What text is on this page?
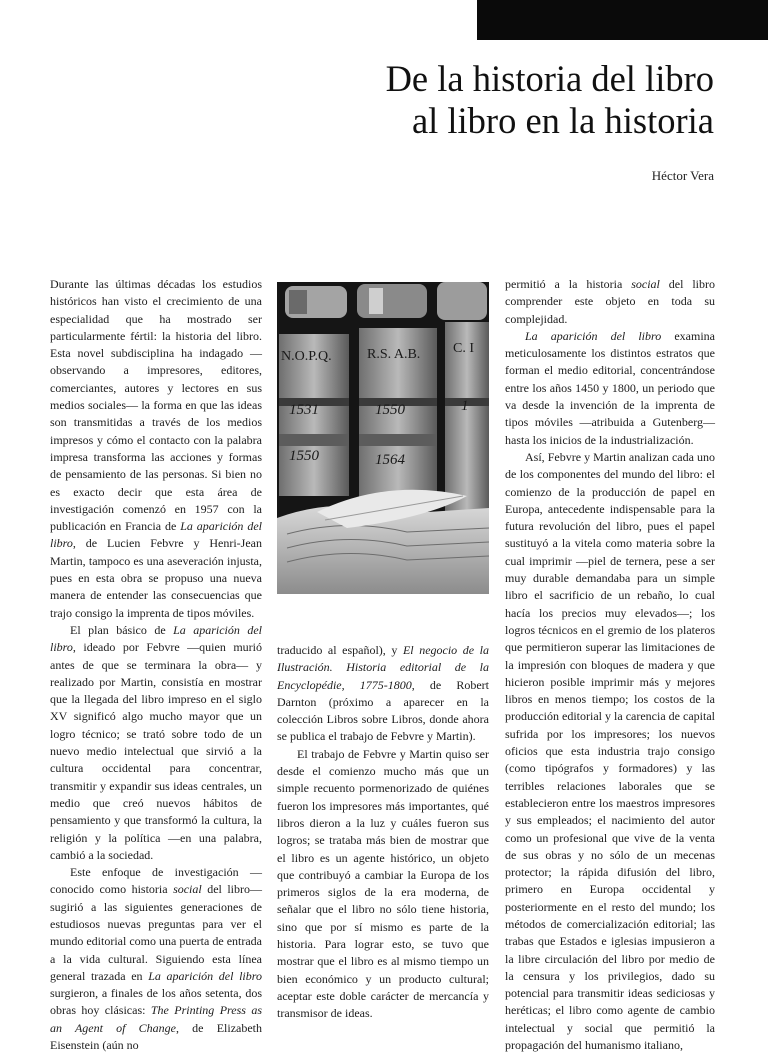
De la historia del libro
al libro en la historia
Héctor Vera

Durante las últimas décadas los estudios históricos han visto el crecimiento de una especialidad que ha mostrado ser particularmente fértil: la historia del libro. Esta novel subdisciplina ha indagado —observando a impresores, editores, comerciantes, autores y lectores en sus medios sociales— la forma en que las ideas son transmitidas a través de los medios impresos y cómo el contacto con la palabra impresa transforma las acciones y formas de pensamiento de las personas. Si bien no es exacto decir que esta área de investigación comenzó en 1957 con la publicación en Francia de La aparición del libro, de Lucien Febvre y Henri-Jean Martin, tampoco es una aseveración injusta, pues en esta obra se propuso una nueva manera de entender las consecuencias que trajo consigo la imprenta de tipos móviles.

El plan básico de La aparición del libro, ideado por Febvre —quien murió antes de que se terminara la obra— y realizado por Martin, consistía en mostrar que la llegada del libro impreso en el siglo XV significó algo mucho mayor que un logro técnico; se trató sobre todo de un nuevo medio intelectual que sirvió a la cultura occidental para concentrar, transmitir y expandir sus ideas centrales, un medio que creó nuevos hábitos de pensamiento y que transformó la cultura, la religión y la política —en una palabra, cambió a la sociedad.

Este enfoque de investigación —conocido como historia social del libro— sugirió a las siguientes generaciones de estudiosos nuevas preguntas para ver el mundo editorial como una puerta de entrada a la vida cultural. Siguiendo esta línea general trazada en La aparición del libro surgieron, a finales de los años setenta, dos obras hoy clásicas: The Printing Press as an Agent of Change, de Elizabeth Eisenstein (aún no

N.O.P.Q.	R.S. A.B. C. I
1531	1550	1
1550	1564

traducido al español), y El negocio de la Ilustración. Historia editorial de la Encyclopédie, 1775-1800, de Robert Darnton (próximo a aparecer en la colección Libros sobre Libros, donde ahora se publica el trabajo de Febvre y Martin).

El trabajo de Febvre y Martin quiso ser desde el comienzo mucho más que un simple recuento pormenorizado de quiénes fueron los impresores más importantes, qué libros dieron a la luz y cuáles fueron sus logros; se trataba más bien de mostrar que el libro es un agente histórico, un objeto que contribuyó a cambiar la Europa de los primeros siglos de la era moderna, de señalar que el libro no sólo tiene historia, sino que por sí mismo es parte de la historia. Para lograr esto, se tuvo que mostrar que el libro es al mismo tiempo un bien económico y un producto cultural; aceptar este doble carácter de mercancía y transmisor de ideas.

permitió a la historia social del libro comprender este objeto en toda su complejidad.

La aparición del libro examina meticulosamente los distintos estratos que forman el medio editorial, concentrándose entre los años 1450 y 1800, un periodo que va desde la invención de la imprenta de tipos móviles —atribuida a Gutenberg— hasta los inicios de la industrialización.

Así, Febvre y Martin analizan cada uno de los componentes del mundo del libro: el comienzo de la producción de papel en Europa, antecedente indispensable para la futura revolución del libro, pues el papel sustituyó a la vitela como materia sobre la cual imprimir —piel de ternera, pese a ser muy durable demandaba para un simple libro el sacrificio de un rebaño, lo cual hacía los precios muy elevados—; los logros técnicos en el gremio de los plateros que permitieron superar las limitaciones de la impresión con bloques de madera y que hicieron posible imprimir más y mejores libros en menos tiempo; los costos de la producción editorial y la carencia de capital sufrida por los impresores; los nuevos oficios que esta industria trajo consigo (como tipógrafos y formadores) y las terribles relaciones laborales que se establecieron entre los maestros impresores y sus empleados; el nacimiento del autor como un profesional que vive de la venta de sus obras y no sólo de un mecenas protector; la rápida difusión del libro, primero en Europa occidental y posteriormente en el resto del mundo; los métodos de comercialización editorial; las trabas que Estados e iglesias impusieron a la libre circulación del libro por medio de la censura y los privilegios, dado su potencial para transmitir ideas sediciosas y heréticas; el libro como agente de cambio intelectual y social que permitió la propagación del humanismo italiano,
